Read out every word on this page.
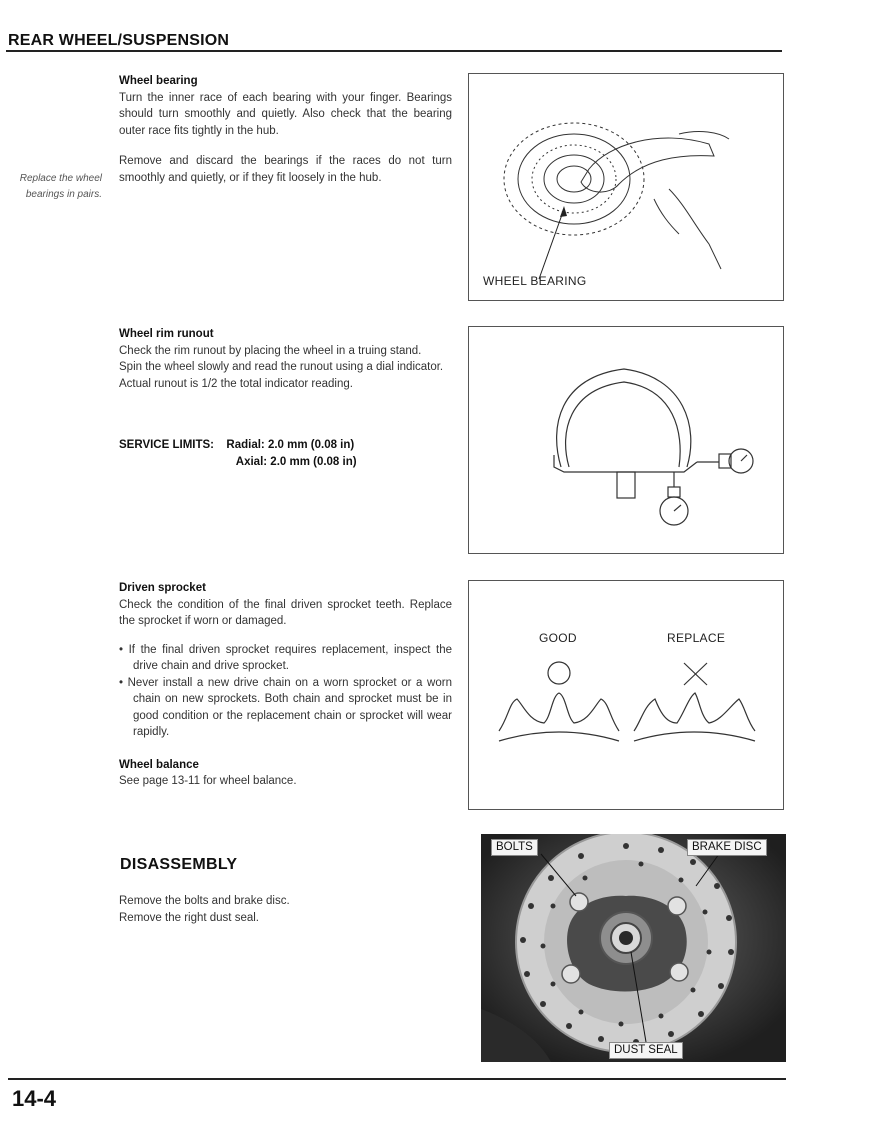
REAR WHEEL/SUSPENSION
Replace the wheel bearings in pairs.
Wheel bearing
Turn the inner race of each bearing with your finger. Bearings should turn smoothly and quietly. Also check that the bearing outer race fits tightly in the hub.
Remove and discard the bearings if the races do not turn smoothly and quietly, or if they fit loosely in the hub.
WHEEL BEARING
Wheel rim runout
Check the rim runout by placing the wheel in a truing stand.
Spin the wheel slowly and read the runout using a dial indicator.
Actual runout is 1/2 the total indicator reading.
SERVICE LIMITS: Radial: 2.0 mm (0.08 in)
Axial: 2.0 mm (0.08 in)
Driven sprocket
Check the condition of the final driven sprocket teeth. Replace the sprocket if worn or damaged.
• If the final driven sprocket requires replacement, inspect the drive chain and drive sprocket.
• Never install a new drive chain on a worn sprocket or a worn chain on new sprockets. Both chain and sprocket must be in good condition or the replacement chain or sprocket will wear rapidly.
Wheel balance
See page 13-11 for wheel balance.
GOOD	REPLACE
DISASSEMBLY
Remove the bolts and brake disc.
Remove the right dust seal.
BOLTS	BRAKE DISC
DUST SEAL
14-4
